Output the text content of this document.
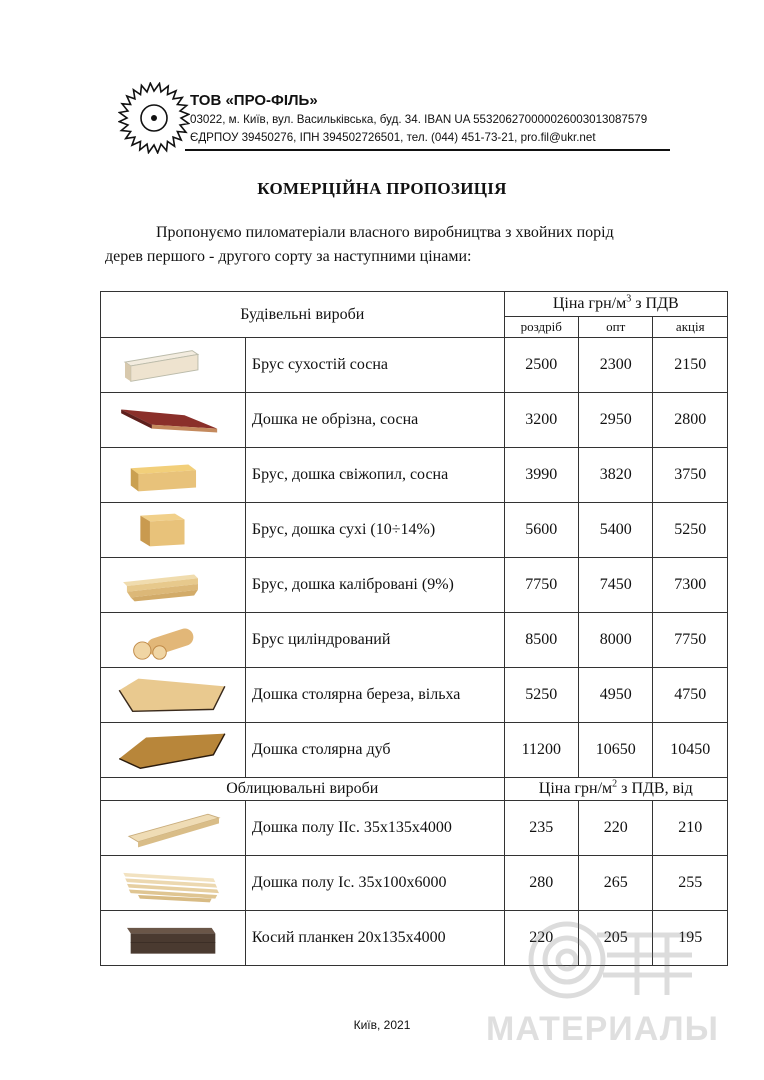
ТОВ «ПРО-ФІЛЬ»
03022, м. Київ, вул. Васильківська, буд. 34. IBAN UA 553206270000026003013087579
ЄДРПОУ 39450276, ІПН 394502726501, тел. (044) 451-73-21, pro.fil@ukr.net
КОМЕРЦІЙНА ПРОПОЗИЦІЯ
Пропонуємо пиломатеріали власного виробництва з хвойних порід
дерев першого - другого сорту за наступними цінами:
Будівельні вироби		Ціна грн/$м^3$ з ПДВ		
		роздріб	опт	акція

	Брус сухостій сосна	2500	2300	2150

	Дошка не обрізна, сосна	3200	2950	2800

	Брус, дошка свіжопил, сосна	3990	3820	3750

	Брус, дошка сухі (10÷14%)	5600	5400	5250

	Брус, дошка калібровані (9%)	7750	7450	7300

	Брус циліндрований	8500	8000	7750

	Дошка столярна береза, вільха	5250	4950	4750

	Дошка столярна дуб	11200	10650	10450
Облицювальні вироби		Ціна грн/$м^2$ з ПДВ, від		

	Дошка полу ІІс. 35х135х4000	235	220	210

	Дошка полу Іс. 35х100х6000	280	265	255

	Косий планкен 20х135х4000	220	205	195
МАТЕРИАЛЫ
Київ, 2021
